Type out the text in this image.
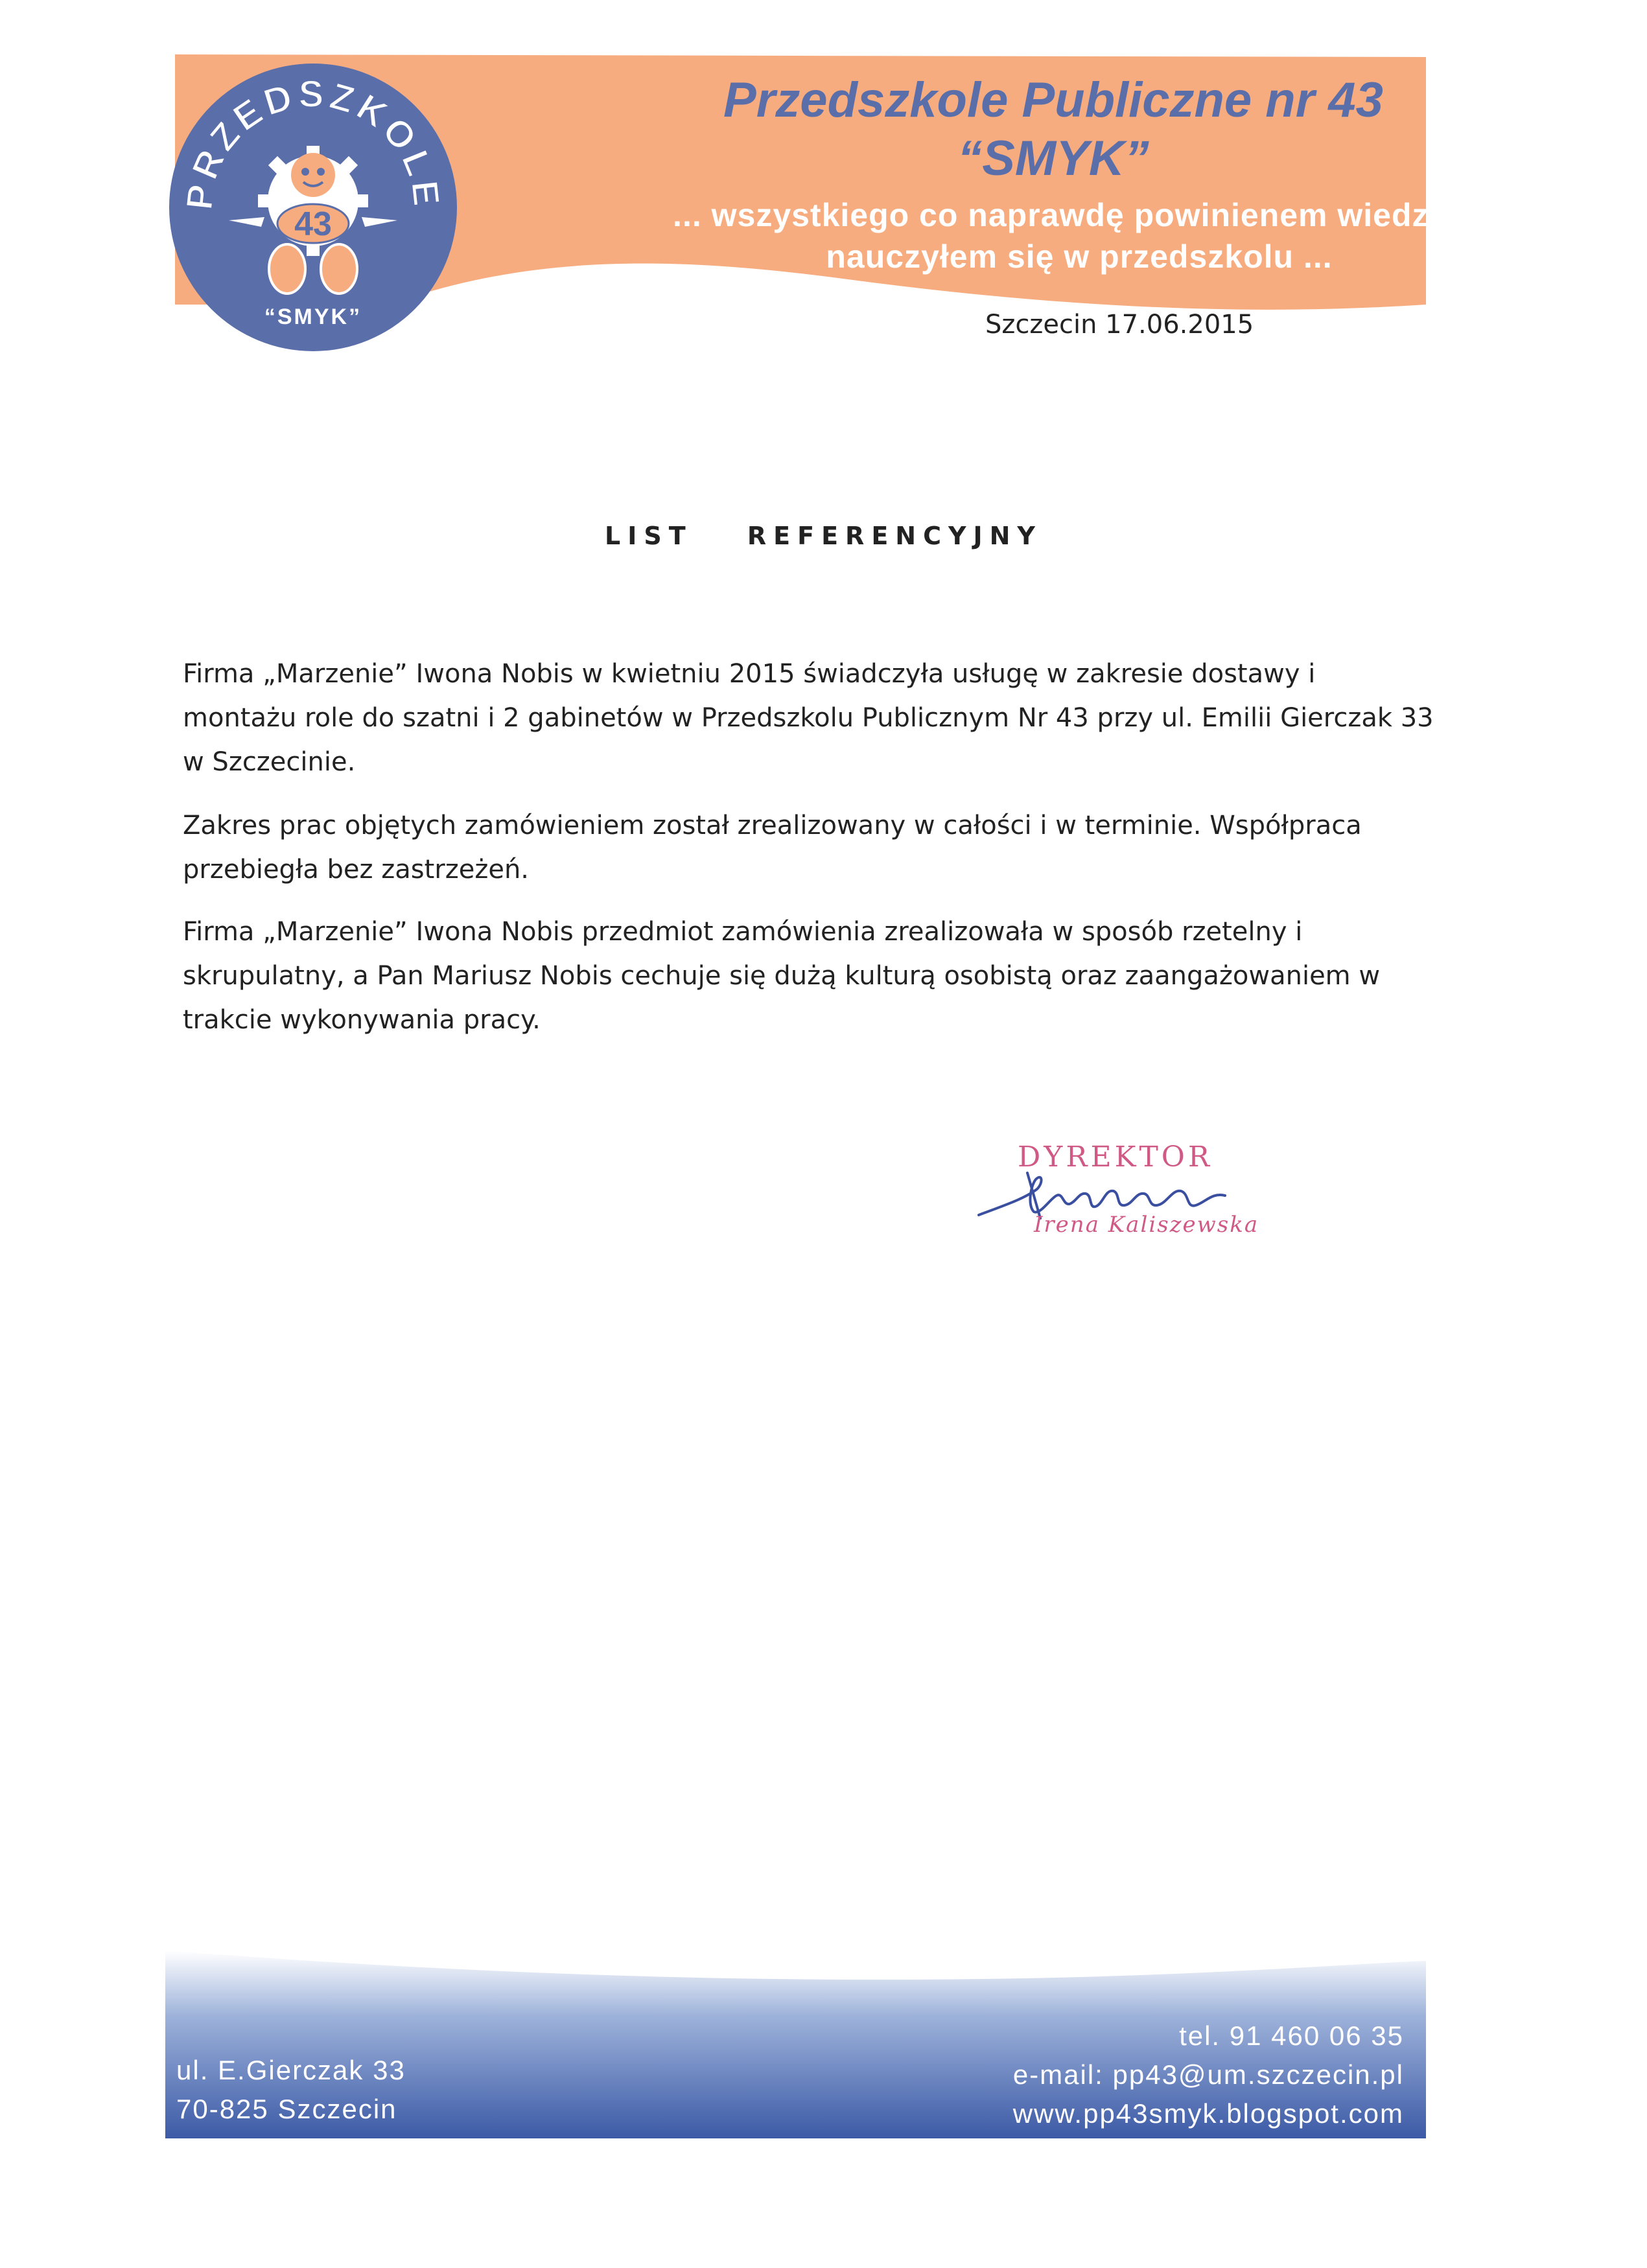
PRZEDSZKOLE
43
“SMYK”
Przedszkole Publiczne nr 43
“SMYK”
... wszystkiego co naprawdę powinienem wiedzieć,
nauczyłem się w przedszkolu ...
Szczecin 17.06.2015
LIST REFERENCYJNY
Firma „Marzenie” Iwona Nobis w kwietniu 2015 świadczyła usługę w zakresie dostawy i
montażu role do szatni i 2 gabinetów w Przedszkolu Publicznym Nr 43 przy ul. Emilii Gierczak 33
w Szczecinie.
Zakres prac objętych zamówieniem został zrealizowany w całości i w terminie. Współpraca
przebiegła bez zastrzeżeń.
Firma „Marzenie” Iwona Nobis przedmiot zamówienia zrealizowała w sposób rzetelny i
skrupulatny, a Pan Mariusz Nobis cechuje się dużą kulturą osobistą oraz zaangażowaniem w
trakcie wykonywania pracy.
DYREKTOR
Irena Kaliszewska
ul. E.Gierczak 33
70-825 Szczecin
tel. 91 460 06 35
e-mail: pp43@um.szczecin.pl
www.pp43smyk.blogspot.com
